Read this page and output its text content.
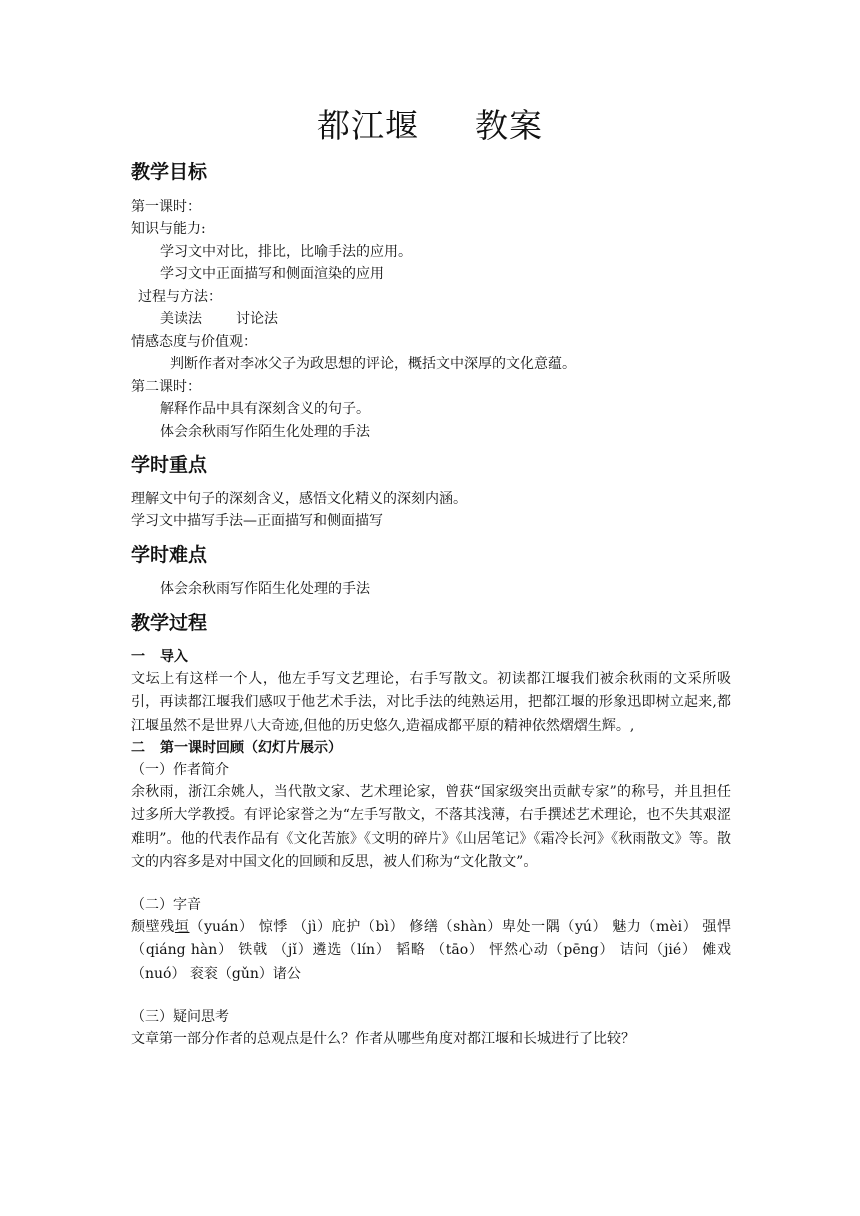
都江堰 教案
教学目标
第一课时：
知识与能力:
学习文中对比，排比，比喻手法的应用。
学习文中正面描写和侧面渲染的应用
过程与方法：
美读法 讨论法
情感态度与价值观：
判断作者对李冰父子为政思想的评论，概括文中深厚的文化意蕴。
第二课时：
解释作品中具有深刻含义的句子。
体会余秋雨写作陌生化处理的手法
学时重点
理解文中句子的深刻含义，感悟文化精义的深刻内涵。
学习文中描写手法—正面描写和侧面描写
学时难点
体会余秋雨写作陌生化处理的手法
教学过程
一 导入
文坛上有这样一个人，他左手写文艺理论，右手写散文。初读都江堰我们被余秋雨的文采所吸引，再读都江堰我们感叹于他艺术手法，对比手法的纯熟运用，把都江堰的形象迅即树立起来,都江堰虽然不是世界八大奇迹,但他的历史悠久,造福成都平原的精神依然熠熠生辉。,
二 第一课时回顾（幻灯片展示）
（一）作者简介
余秋雨，浙江余姚人，当代散文家、艺术理论家，曾获“国家级突出贡献专家”的称号，并且担任过多所大学教授。有评论家誉之为“左手写散文，不落其浅薄，右手撰述艺术理论，也不失其艰涩难明”。他的代表作品有《文化苦旅》《文明的碎片》《山居笔记》《霜冷长河》《秋雨散文》等。散文的内容多是对中国文化的回顾和反思，被人们称为“文化散文”。
（二）字音
颓壁残垣（yuán） 惊悸 （jì）庇护（bì） 修缮（shàn）卑处一隅（yú） 魅力（mèi） 强悍 （qiáng hàn） 铁戟 （jǐ）遴选（lín） 韬略 （tāo） 怦然心动（pēng） 诘问（jié） 傩戏（nuó） 衮衮（gǔn）诸公
（三）疑问思考
文章第一部分作者的总观点是什么？作者从哪些角度对都江堰和长城进行了比较？
